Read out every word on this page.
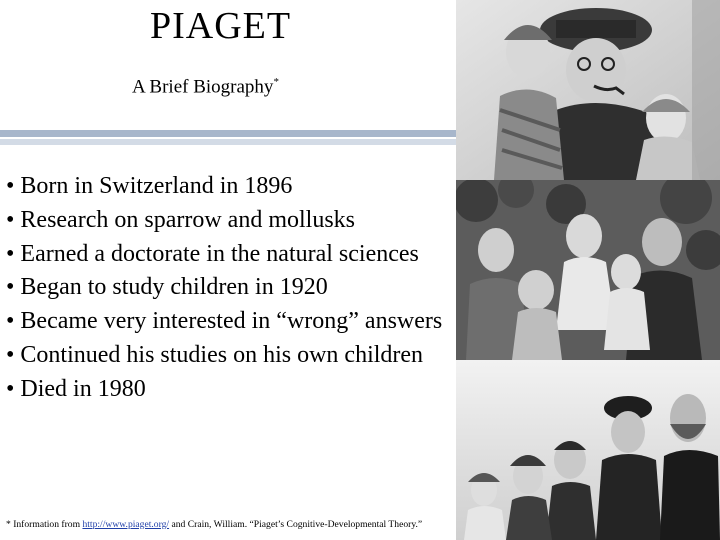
PIAGET
A Brief Biography*
• Born in Switzerland in 1896
• Research on sparrow and mollusks
• Earned a doctorate in the natural sciences
• Began to study children in 1920
• Became very interested in “wrong” answers
• Continued his studies on his own children
• Died in 1980
* Information from http://www.piaget.org/ and Crain, William. “Piaget’s Cognitive-Developmental Theory.”
